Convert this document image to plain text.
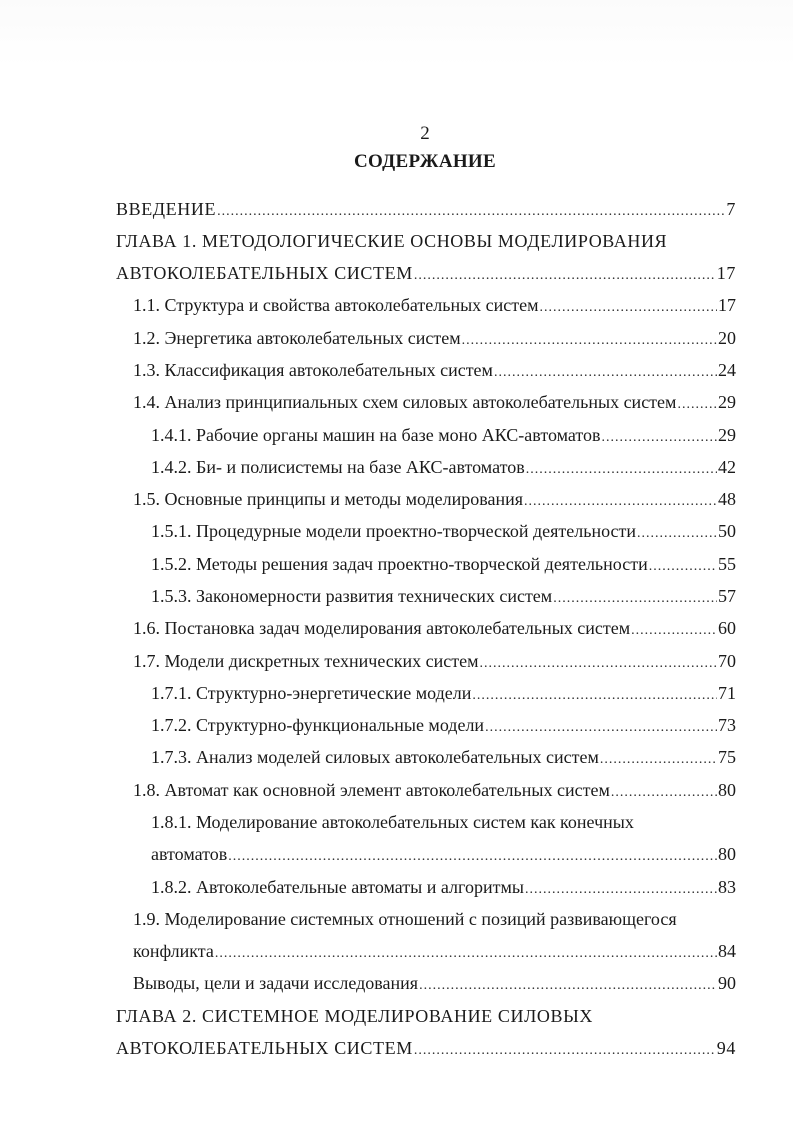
2
СОДЕРЖАНИЕ
ВВЕДЕНИЕ .....	7
ГЛАВА 1. МЕТОДОЛОГИЧЕСКИЕ ОСНОВЫ МОДЕЛИРОВАНИЯ
АВТОКОЛЕБАТЕЛЬНЫХ СИСТЕМ .....	17
1.1. Структура и свойства автоколебательных систем .....	17
1.2. Энергетика автоколебательных систем .....	20
1.3. Классификация автоколебательных систем .....	24
1.4. Анализ принципиальных схем силовых автоколебательных систем ..... 29
1.4.1. Рабочие органы машин на базе моно АКС-автоматов .....	29
1.4.2. Би- и полисистемы на базе АКС-автоматов .....	42
1.5. Основные принципы и методы моделирования .....	48
1.5.1. Процедурные модели проектно-творческой деятельности .....	50
1.5.2. Методы решения задач проектно-творческой деятельности .....	55
1.5.3. Закономерности развития технических систем .....	57
1.6. Постановка задач моделирования автоколебательных систем .....	60
1.7. Модели дискретных технических систем .....	70
1.7.1. Структурно-энергетические модели .....	71
1.7.2. Структурно-функциональные модели .....	73
1.7.3. Анализ моделей силовых автоколебательных систем .....	75
1.8. Автомат как основной элемент автоколебательных систем .....	80
1.8.1. Моделирование автоколебательных систем как конечных
автоматов .....	80
1.8.2. Автоколебательные автоматы и алгоритмы .....	83
1.9. Моделирование системных отношений с позиций развивающегося
конфликта .....	84
Выводы, цели и задачи исследования .....	90
ГЛАВА 2. СИСТЕМНОЕ МОДЕЛИРОВАНИЕ СИЛОВЫХ
АВТОКОЛЕБАТЕЛЬНЫХ СИСТЕМ .....	94
